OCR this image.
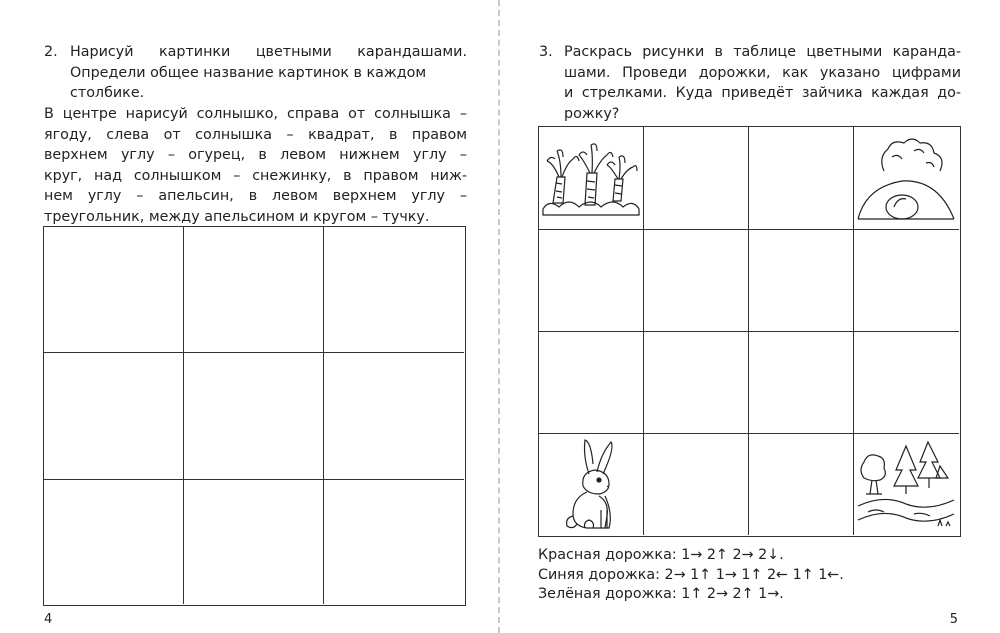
2. Нарисуй картинки цветными карандашами.
Определи общее название картинок в каждом
столбике.
В центре нарисуй солнышко, справа от солнышка –
ягоду, слева от солнышка – квадрат, в правом
верхнем углу – огурец, в левом нижнем углу –
круг, над солнышком – снежинку, в правом ниж-
нем углу – апельсин, в левом верхнем углу –
треугольник, между апельсином и кругом – тучку.
4
3. Раскрась рисунки в таблице цветными каранда-
шами. Проведи дорожки, как указано цифрами
и стрелками. Куда приведёт зайчика каждая до-
рожку?
Красная дорожка: 1→ 2↑ 2→ 2↓.
Синяя дорожка: 2→ 1↑ 1→ 1↑ 2← 1↑ 1←.
Зелёная дорожка: 1↑ 2→ 2↑ 1→.
5
